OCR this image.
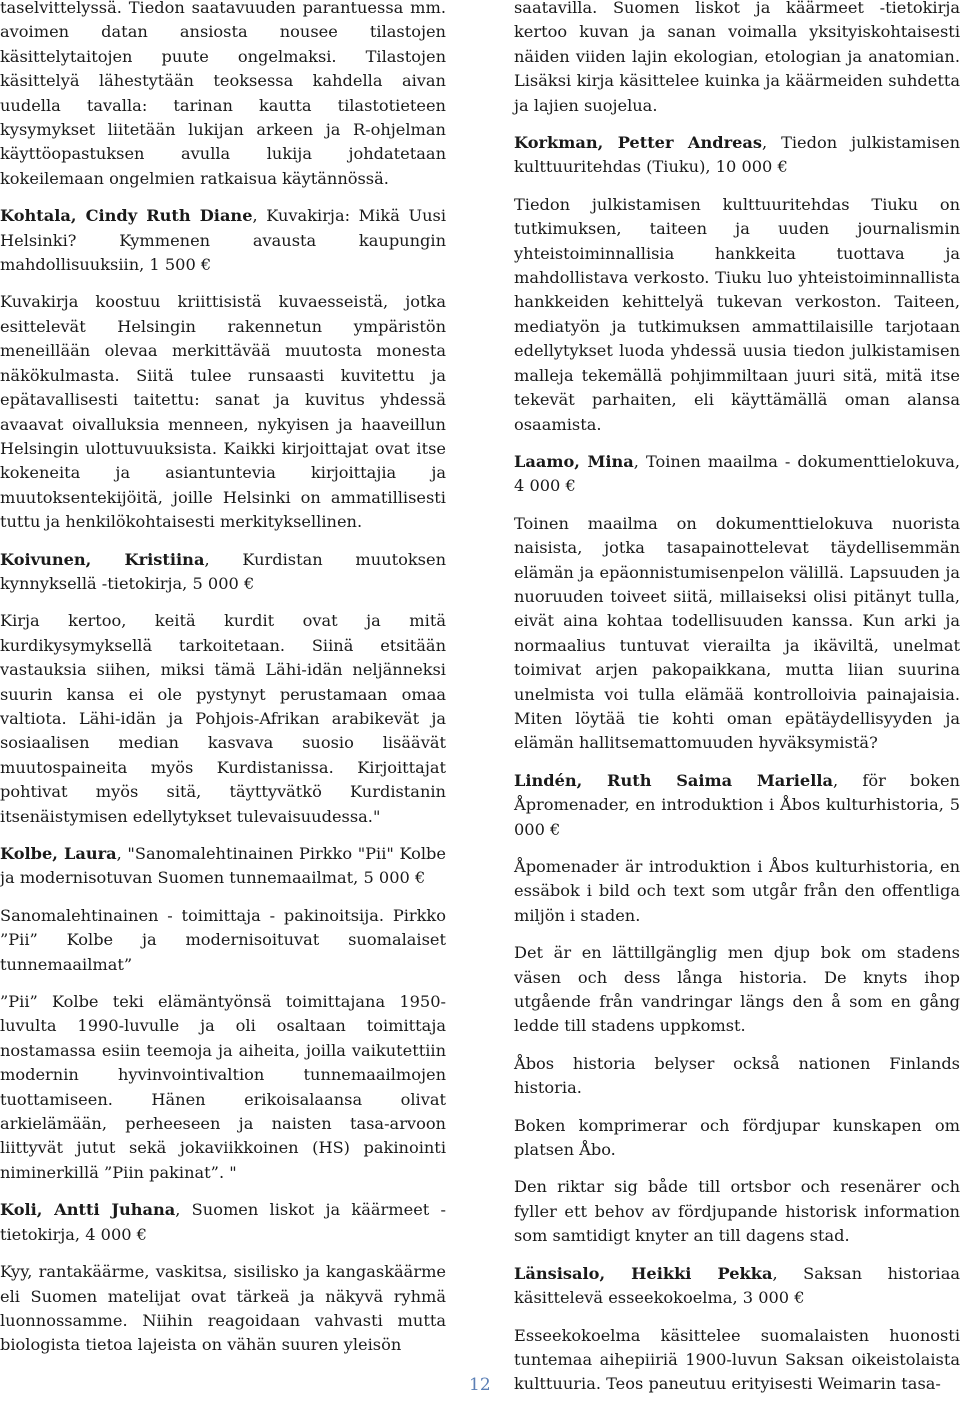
taselvittelyssä. Tiedon saatavuuden parantuessa mm. avoimen datan ansiosta nousee tilastojen käsittelytaitojen puute ongelmaksi. Tilastojen käsittelyä lähestytään teoksessa kahdella aivan uudella tavalla: tarinan kautta tilastotieteen kysymykset liitetään lukijan arkeen ja R-ohjelman käyttöopastuksen avulla lukija johdatetaan kokeilemaan ongelmien ratkaisua käytännössä.

Kohtala, Cindy Ruth Diane, Kuvakirja: Mikä Uusi Helsinki? Kymmenen avausta kaupungin mahdollisuuksiin, 1 500 €

Kuvakirja koostuu kriittisistä kuvaesseistä, jotka esittelevät Helsingin rakennetun ympäristön meneillään olevaa merkittävää muutosta monesta näkökulmasta. Siitä tulee runsaasti kuvitettu ja epätavallisesti taitettu: sanat ja kuvitus yhdessä avaavat oivalluksia menneen, nykyisen ja haaveillun Helsingin ulottuvuuksista. Kaikki kirjoittajat ovat itse kokeneita ja asiantuntevia kirjoittajia ja muutoksentekijöitä, joille Helsinki on ammatillisesti tuttu ja henkilökohtaisesti merkityksellinen.

Koivunen, Kristiina, Kurdistan muutoksen kynnyksellä -tietokirja, 5 000 €

Kirja kertoo, keitä kurdit ovat ja mitä kurdikysymyksellä tarkoitetaan. Siinä etsitään vastauksia siihen, miksi tämä Lähi-idän neljänneksi suurin kansa ei ole pystynyt perustamaan omaa valtiota. Lähi-idän ja Pohjois-Afrikan arabikevät ja sosiaalisen median kasvava suosio lisäävät muutospaineita myös Kurdistanissa. Kirjoittajat pohtivat myös sitä, täyttyvätkö Kurdistanin itsenäistymisen edellytykset tulevaisuudessa."

Kolbe, Laura, "Sanomalehtinainen Pirkko "Pii" Kolbe ja modernisotuvan Suomen tunnemaailmat, 5 000 €

Sanomalehtinainen - toimittaja - pakinoitsija. Pirkko ”Pii” Kolbe ja modernisoituvat suomalaiset tunnemaailmat”

”Pii” Kolbe teki elämäntyönsä toimittajana 1950-luvulta 1990-luvulle ja oli osaltaan toimittaja nostamassa esiin teemoja ja aiheita, joilla vaikutettiin modernin hyvinvointivaltion tunnemaailmojen tuottamiseen. Hänen erikoisalaansa olivat arkielämään, perheeseen ja naisten tasa-arvoon liittyvät jutut sekä jokaviikkoinen (HS) pakinointi niminerkillä ”Piin pakinat”. "

Koli, Antti Juhana, Suomen liskot ja käärmeet - tietokirja, 4 000 €

Kyy, rantakäärme, vaskitsa, sisilisko ja kangaskäärme eli Suomen matelijat ovat tärkeä ja näkyvä ryhmä luonnossamme. Niihin reagoidaan vahvasti mutta biologista tietoa lajeista on vähän suuren yleisön

saatavilla. Suomen liskot ja käärmeet -tietokirja kertoo kuvan ja sanan voimalla yksityiskohtaisesti näiden viiden lajin ekologian, etologian ja anatomian. Lisäksi kirja käsittelee kuinka ja käärmeiden suhdetta ja lajien suojelua.

Korkman, Petter Andreas, Tiedon julkistamisen kulttuuritehdas (Tiuku), 10 000 €

Tiedon julkistamisen kulttuuritehdas Tiuku on tutkimuksen, taiteen ja uuden journalismin yhteistoiminnallisia hankkeita tuottava ja mahdollistava verkosto. Tiuku luo yhteistoiminnallista hankkeiden kehittelyä tukevan verkoston. Taiteen, mediatyön ja tutkimuksen ammattilaisille tarjotaan edellytykset luoda yhdessä uusia tiedon julkistamisen malleja tekemällä pohjimmiltaan juuri sitä, mitä itse tekevät parhaiten, eli käyttämällä oman alansa osaamista.

Laamo, Mina, Toinen maailma - dokumenttielokuva, 4 000 €

Toinen maailma on dokumenttielokuva nuorista naisista, jotka tasapainottelevat täydellisemmän elämän ja epäonnistumisenpelon välillä. Lapsuuden ja nuoruuden toiveet siitä, millaiseksi olisi pitänyt tulla, eivät aina kohtaa todellisuuden kanssa. Kun arki ja normaalius tuntuvat vierailta ja ikäviltä, unelmat toimivat arjen pakopaikkana, mutta liian suurina unelmista voi tulla elämää kontrolloivia painajaisia. Miten löytää tie kohti oman epätäydellisyyden ja elämän hallitsemattomuuden hyväksymistä?

Lindén, Ruth Saima Mariella, för boken Åpromenader, en introduktion i Åbos kulturhistoria, 5 000 €

Åpomenader är introduktion i Åbos kulturhistoria, en essäbok i bild och text som utgår från den offentliga miljön i staden.

Det är en lättillgänglig men djup bok om stadens väsen och dess långa historia. De knyts ihop utgående från vandringar längs den å som en gång ledde till stadens uppkomst.

Åbos historia belyser också nationen Finlands historia.

Boken komprimerar och fördjupar kunskapen om platsen Åbo.

Den riktar sig både till ortsbor och resenärer och fyller ett behov av fördjupande historisk information som samtidigt knyter an till dagens stad.

Länsisalo, Heikki Pekka, Saksan historiaa käsittelevä esseekokoelma, 3 000 €

Esseekokoelma käsittelee suomalaisten huonosti tuntemaa aihepiiriä 1900-luvun Saksan oikeistolaista kulttuuria. Teos paneutuu erityisesti Weimarin tasa-

12
